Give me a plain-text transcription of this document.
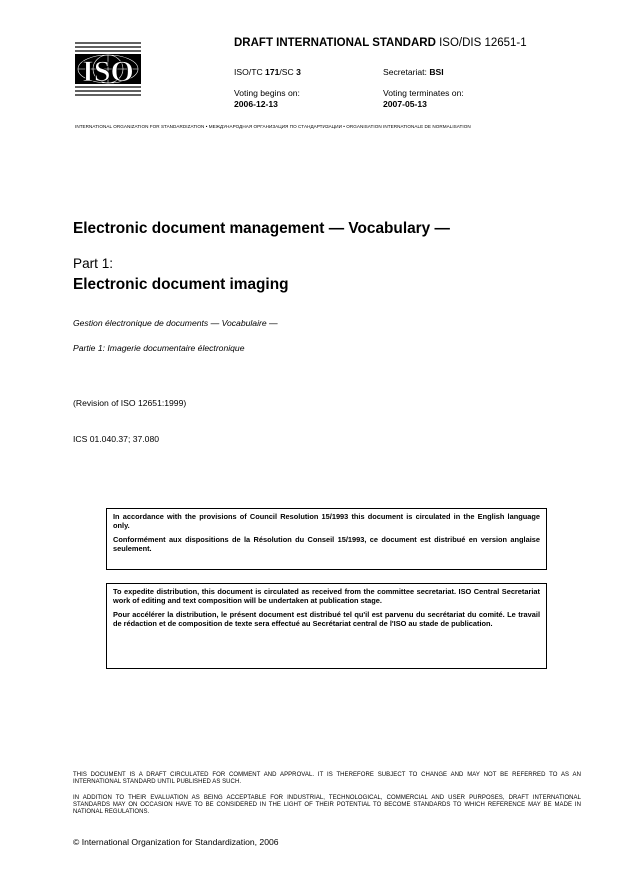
ISO
DRAFT INTERNATIONAL STANDARD ISO/DIS 12651-1
ISO/TC 171/SC 3	Secretariat: BSI
Voting begins on:
2006-12-13
Voting terminates on:
2007-05-13
INTERNATIONAL ORGANIZATION FOR STANDARDIZATION • МЕЖДУНАРОДНАЯ ОРГАНИЗАЦИЯ ПО СТАНДАРТИЗАЦИИ • ORGANISATION INTERNATIONALE DE NORMALISATION
Electronic document management — Vocabulary —
Part 1:
Electronic document imaging
Gestion électronique de documents — Vocabulaire —
Partie 1: Imagerie documentaire électronique
(Revision of ISO 12651:1999)
ICS 01.040.37; 37.080

In accordance with the provisions of Council Resolution 15/1993 this document is circulated in the English language only.

Conformément aux dispositions de la Résolution du Conseil 15/1993, ce document est distribué en version anglaise seulement.

To expedite distribution, this document is circulated as received from the committee secretariat. ISO Central Secretariat work of editing and text composition will be undertaken at publication stage.

Pour accélérer la distribution, le présent document est distribué tel qu'il est parvenu du secrétariat du comité. Le travail de rédaction et de composition de texte sera effectué au Secrétariat central de l'ISO au stade de publication.

THIS DOCUMENT IS A DRAFT CIRCULATED FOR COMMENT AND APPROVAL. IT IS THEREFORE SUBJECT TO CHANGE AND MAY NOT BE REFERRED TO AS AN INTERNATIONAL STANDARD UNTIL PUBLISHED AS SUCH.
IN ADDITION TO THEIR EVALUATION AS BEING ACCEPTABLE FOR INDUSTRIAL, TECHNOLOGICAL, COMMERCIAL AND USER PURPOSES, DRAFT INTERNATIONAL STANDARDS MAY ON OCCASION HAVE TO BE CONSIDERED IN THE LIGHT OF THEIR POTENTIAL TO BECOME STANDARDS TO WHICH REFERENCE MAY BE MADE IN NATIONAL REGULATIONS.
© International Organization for Standardization, 2006
